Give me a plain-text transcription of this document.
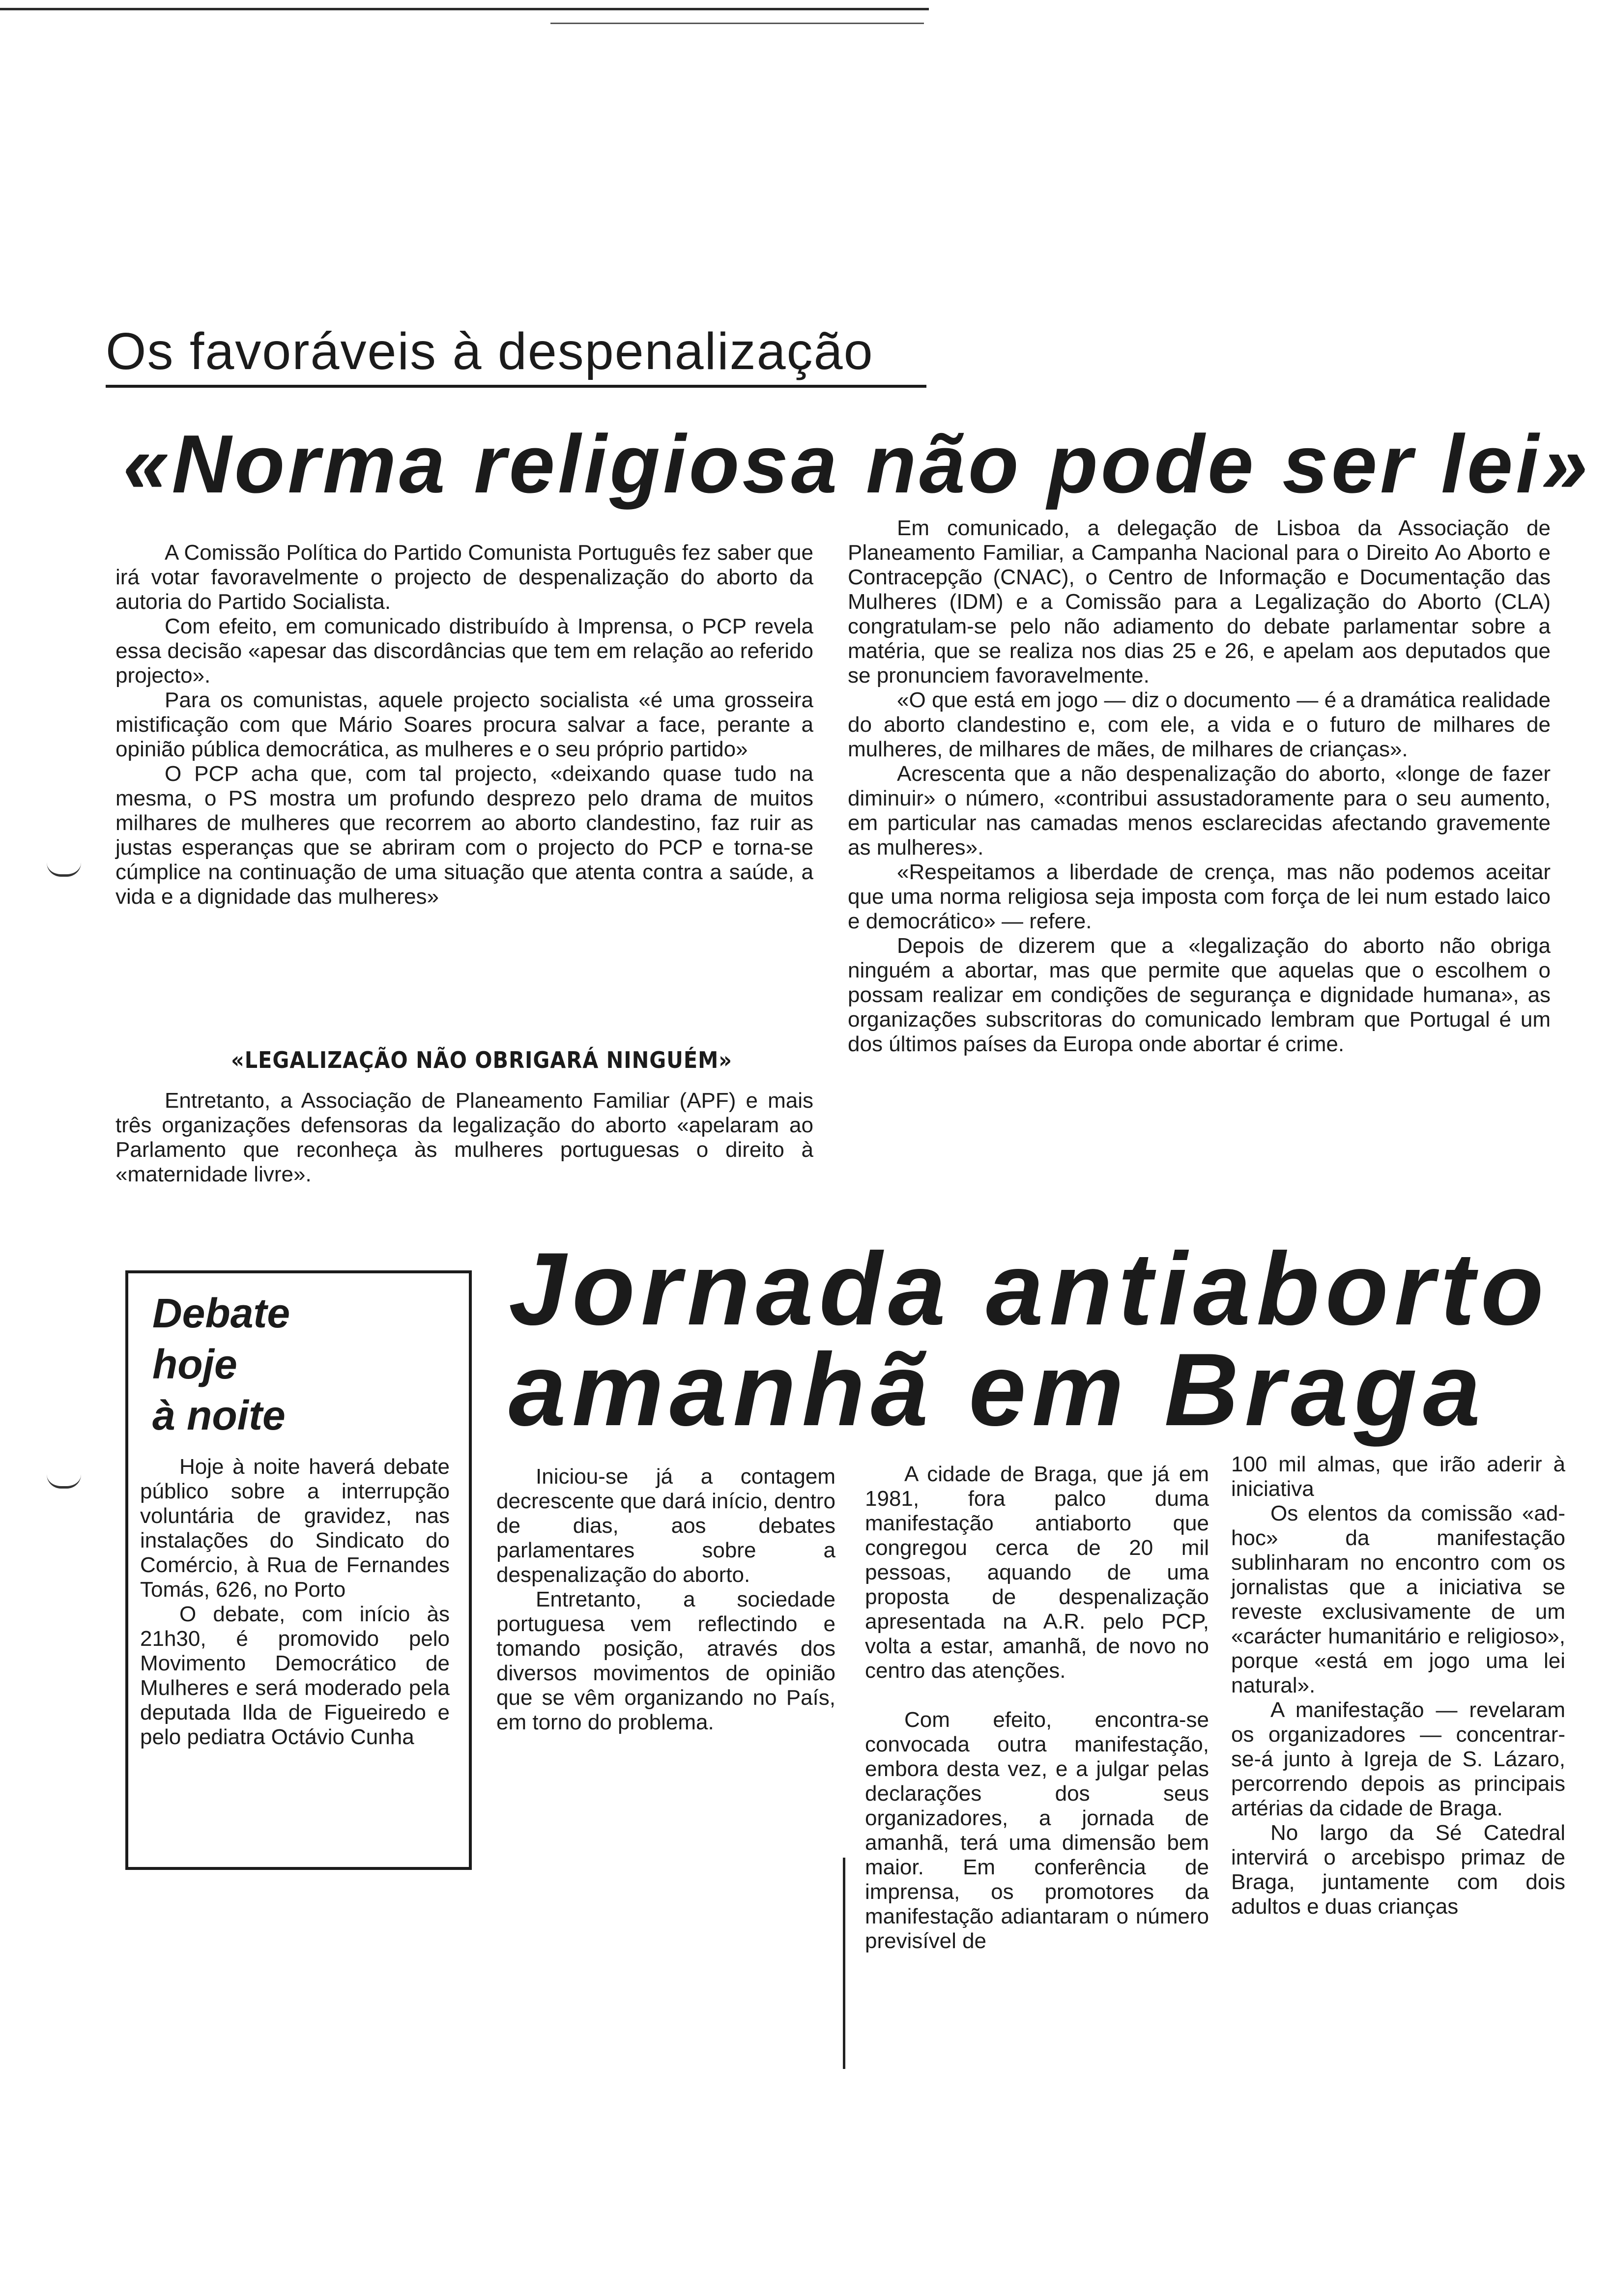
Os favoráveis à despenalização
«Norma religiosa não pode ser lei»

A Comissão Política do Partido Comunista Português fez saber que irá votar favoravelmente o projecto de despenalização do aborto da autoria do Partido Socialista.

Com efeito, em comunicado distribuído à Imprensa, o PCP revela essa decisão «apesar das discordâncias que tem em relação ao referido projecto».

Para os comunistas, aquele projecto socialista «é uma grosseira mistificação com que Mário Soares procura salvar a face, perante a opinião pública democrática, as mulheres e o seu próprio partido»

O PCP acha que, com tal projecto, «deixando quase tudo na mesma, o PS mostra um profundo desprezo pelo drama de muitos milhares de mulheres que recorrem ao aborto clandestino, faz ruir as justas esperanças que se abriram com o projecto do PCP e torna-se cúmplice na continuação de uma situação que atenta contra a saúde, a vida e a dignidade das mulheres»

«LEGALIZAÇÃO NÃO OBRIGARÁ NINGUÉM»

Entretanto, a Associação de Planeamento Familiar (APF) e mais três organizações defensoras da legalização do aborto «apelaram ao Parlamento que reconheça às mulheres portuguesas o direito à «maternidade livre».

Em comunicado, a delegação de Lisboa da Associação de Planeamento Familiar, a Campanha Nacional para o Direito Ao Aborto e Contracepção (CNAC), o Centro de Informação e Documentação das Mulheres (IDM) e a Comissão para a Legalização do Aborto (CLA) congratulam-se pelo não adiamento do debate parlamentar sobre a matéria, que se realiza nos dias 25 e 26, e apelam aos deputados que se pronunciem favoravelmente.

«O que está em jogo — diz o documento — é a dramática realidade do aborto clandestino e, com ele, a vida e o futuro de milhares de mulheres, de milhares de mães, de milhares de crianças».

Acrescenta que a não despenalização do aborto, «longe de fazer diminuir» o número, «contribui assustadoramente para o seu aumento, em particular nas camadas menos esclarecidas afectando gravemente as mulheres».

«Respeitamos a liberdade de crença, mas não podemos aceitar que uma norma religiosa seja imposta com força de lei num estado laico e democrático» — refere.

Depois de dizerem que a «legalização do aborto não obriga ninguém a abortar, mas que permite que aquelas que o escolhem o possam realizar em condições de segurança e dignidade humana», as organizações subscritoras do comunicado lembram que Portugal é um dos últimos países da Europa onde abortar é crime.

Debate
hoje
à noite

Hoje à noite haverá debate público sobre a interrupção voluntária de gravidez, nas instalações do Sindicato do Comércio, à Rua de Fernandes Tomás, 626, no Porto

O debate, com início às 21h30, é promovido pelo Movimento Democrático de Mulheres e será moderado pela deputada Ilda de Figueiredo e pelo pediatra Octávio Cunha

Jornada antiaborto
amanhã em Braga

Iniciou-se já a contagem decrescente que dará início, dentro de dias, aos debates parlamentares sobre a despenalização do aborto.

Entretanto, a sociedade portuguesa vem reflectindo e tomando posição, através dos diversos movimentos de opinião que se vêm organizando no País, em torno do problema.

A cidade de Braga, que já em 1981, fora palco duma manifestação antiaborto que congregou cerca de 20 mil pessoas, aquando de uma proposta de despenalização apresentada na A.R. pelo PCP, volta a estar, amanhã, de novo no centro das atenções.

Com efeito, encontra-se convocada outra manifestação, embora desta vez, e a julgar pelas declarações dos seus organizadores, a jornada de amanhã, terá uma dimensão bem maior. Em conferência de imprensa, os promotores da manifestação adiantaram o número previsível de

100 mil almas, que irão aderir à iniciativa

Os elentos da comissão «ad-hoc» da manifestação sublinharam no encontro com os jornalistas que a iniciativa se reveste exclusivamente de um «carácter humanitário e religioso», porque «está em jogo uma lei natural».

A manifestação — revelaram os organizadores — concentrar-se-á junto à Igreja de S. Lázaro, percorrendo depois as principais artérias da cidade de Braga.

No largo da Sé Catedral intervirá o arcebispo primaz de Braga, juntamente com dois adultos e duas crianças
